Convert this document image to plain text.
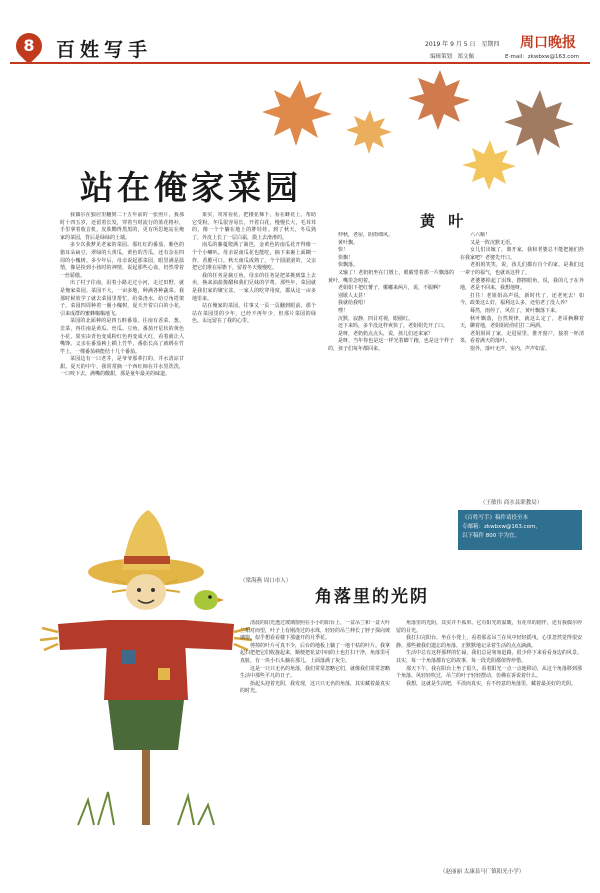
8	百姓写手	2019 年 9 月 5 日　星期四 周口晚报
编辑策划　郑文佩	E-mail：zkwbxw@163.com
站在俺家菜园

我偶尔在独居里翻到二十五年前的一张照片，我那时十四五岁，还留着长发，穿着当时流行的蓝花格衫，手里拿着收音机，皮肤黝得黑黑的，更有所思地站在俺家的菜园，背后是绿绿的土墙。

多少次我梦见老家的菜园。那红红的番茄，紫色的猪耳朵扁豆，翠绿的大黄瓜，黄色的苦瓜，还有杂在四周的小槐树。多少年后，母亲说起那菜园，眼里满是温情，像是捡到小孩时的神情，说起那些心血，仍然带着一丝骄傲。

出了村子往南，沿着小路走过小河，走过田野，就是俺家菜园。菜园不大，一亩多地，种满各种蔬菜。我那时候放学了就去菜园里帮忙，给菜浇水，给豆角搭架子。菜园四周种着一圈小槐树，夏天开着白白的小花，引来成群的蜜蜂嗡嗡地飞。

菜园的北面种的是四五畦番茄，往南有香菜、葱、韭菜，再往南是黄瓜、丝瓜、豆角。番茄开星状的黄色小花，果实由青色变成粉红色再变成大红，看着就让人嘴馋。父亲在番茄秧上插上竹竿，番茄长高了就绑在竹竿上，一棵番茄秧能结十几个番茄。

菜园边有一口老井，是爷爷那辈打的，井水清凉甘甜。夏天的中午，我常常摘一个西红柿在井水里洗洗，一口咬下去，满嘴的酸甜，那是童年最美的味道。

果实，常常看花，把楼花梯下，看在雌花上，帮助它受粉。冬瓜很容易长，开着白花，慢慢长大，毛茸茸的，像一个个躺在地上的胖娃娃。到了秋天，冬瓜熟了，外皮上长了一层白霜，摸上去滑滑的。

南瓜的藤蔓爬满了篱笆，金黄色的南瓜花开得像一个个小喇叭。母亲说南瓜花也能吃，摘下来裹上面糊一炸，香脆可口。秋天南瓜成熟了，个个圆滚滚的，父亲把它们堆在屋檐下，留着冬天慢慢吃。

我的任务是摘豆角，母亲的任务是把菜挑到集上去卖，换来油盐酱醋和我们兄妹的学费。那些年，菜园就是我们家的聚宝盆，一家人的吃穿用度，都从这一亩多地里来。

站在俺家的菜园，往事又一页一页翻到眼前。那个站在菜园里的少年，已经不再年少，但那片菜园的绿色，永远留在了我的心里。

（梁海燕 周口市人）
黄 叶

仲秋，老屋，阴雨细风。

黄叶飘。

快！

快飘！

快飘落。

又输了！老奶奶坐在门墩上，眼睛望着那一片飘落的黄叶，嘴里念叨着。

老姐姐下把红薯子，哪嘟来两片，说，不服啊？

别歇人太甚！

我就给我唱！

嘿！

沉默，寂静，四目对视，眼圈红。

还下来吗，多半没这样爽快了。老姐姐先开了口。

是呀，老奶奶点点头，说，孩儿们还来家？

是呀，当年你也是这一样光着脚丫跑，也是这个样子的，孩子们每年都回来。

六六顺！

又是一阵沉默无语。

女儿们出嫁了，离开家，我和老婆总不能把她们拴在我家吧？老婆先开口。

老姐姐笑笑，说，孩儿们都有自个的家，是我们这一辈子的福气，也就该这样了。

老婆婆掉起了泪珠，擦擦眼角，说，我的儿子在外地，老是不回来，我想他呀。

打住！老姐姐高声说，新时代了，还老死去！如今，政策这么好，福利这么多，还怕老了没人养？

蓦然，雨停了，风住了，黄叶飘落下来。

秋叶飘落，自然规律，就这么定了。老哥俩聊着天，聊着地，老姐姐给你们打二两酒。

老姐姐回了家，走进屋里，推开窗户，接着一杯清茶，看着满天的落叶。

窗外，落叶无声，室内，声声如雷。

（王敏伟 商水县职教局）
《百姓写手》稿件请投至本
专邮箱：zkwbxw@163.com，
以下稿件 800 字为宜。
角落里的光阴

清晨的阳光透过玻璃窗照在小小的阳台上，一盆吊兰和一盆大叶兰相对而望，叶子上有刚浇过的水珠，轻轻的吊兰伸长了脖子探向玻璃窗，似乎想看看楼下那盛开的月季花。

剪掉的叶片可真不少，后台的地板上躺了一地干枯的叶片。我拿起扫把把它们收拢起来，顺便把花盆中间的土也打扫干净，角落里可真脏，有一块小石头躺在那儿，上面落满了灰尘。

这是一只只无名的角落，我们常常忽略它们，就像我们常常忽略生活中那些平凡的日子。

抬起头迎着光阴，我发现，这只只无名的角落，其实藏着最真实的时光。

角落里的光阴，其实并不孤单。它有阳光的温暖，有花草的陪伴，还有我偶尔停留的目光。

我打扫完阳台，坐在小凳上，看着那盆吊兰在风中轻轻摇曳，心里忽然觉得很安静。那些被我们遗忘的角落，正默默地记录着生活的点点滴滴。

生活中总有这样那样的忙碌，我们总是匆匆赶路，很少停下来看看身边的风景。其实，每一个角落都有它的故事，每一段光阴都值得珍惜。

那天下午，我在阳台上坐了很久，看着阳光一点一点地移动，从这个角落移到那个角落。风轻轻吹过，吊兰的叶子轻轻摆动，仿佛在诉说着什么。

我想，这就是生活吧，平淡而真实，在不经意的角落里，藏着最美好的光阴。

（赵丽丽 太康县马厂镇阳光小学）
